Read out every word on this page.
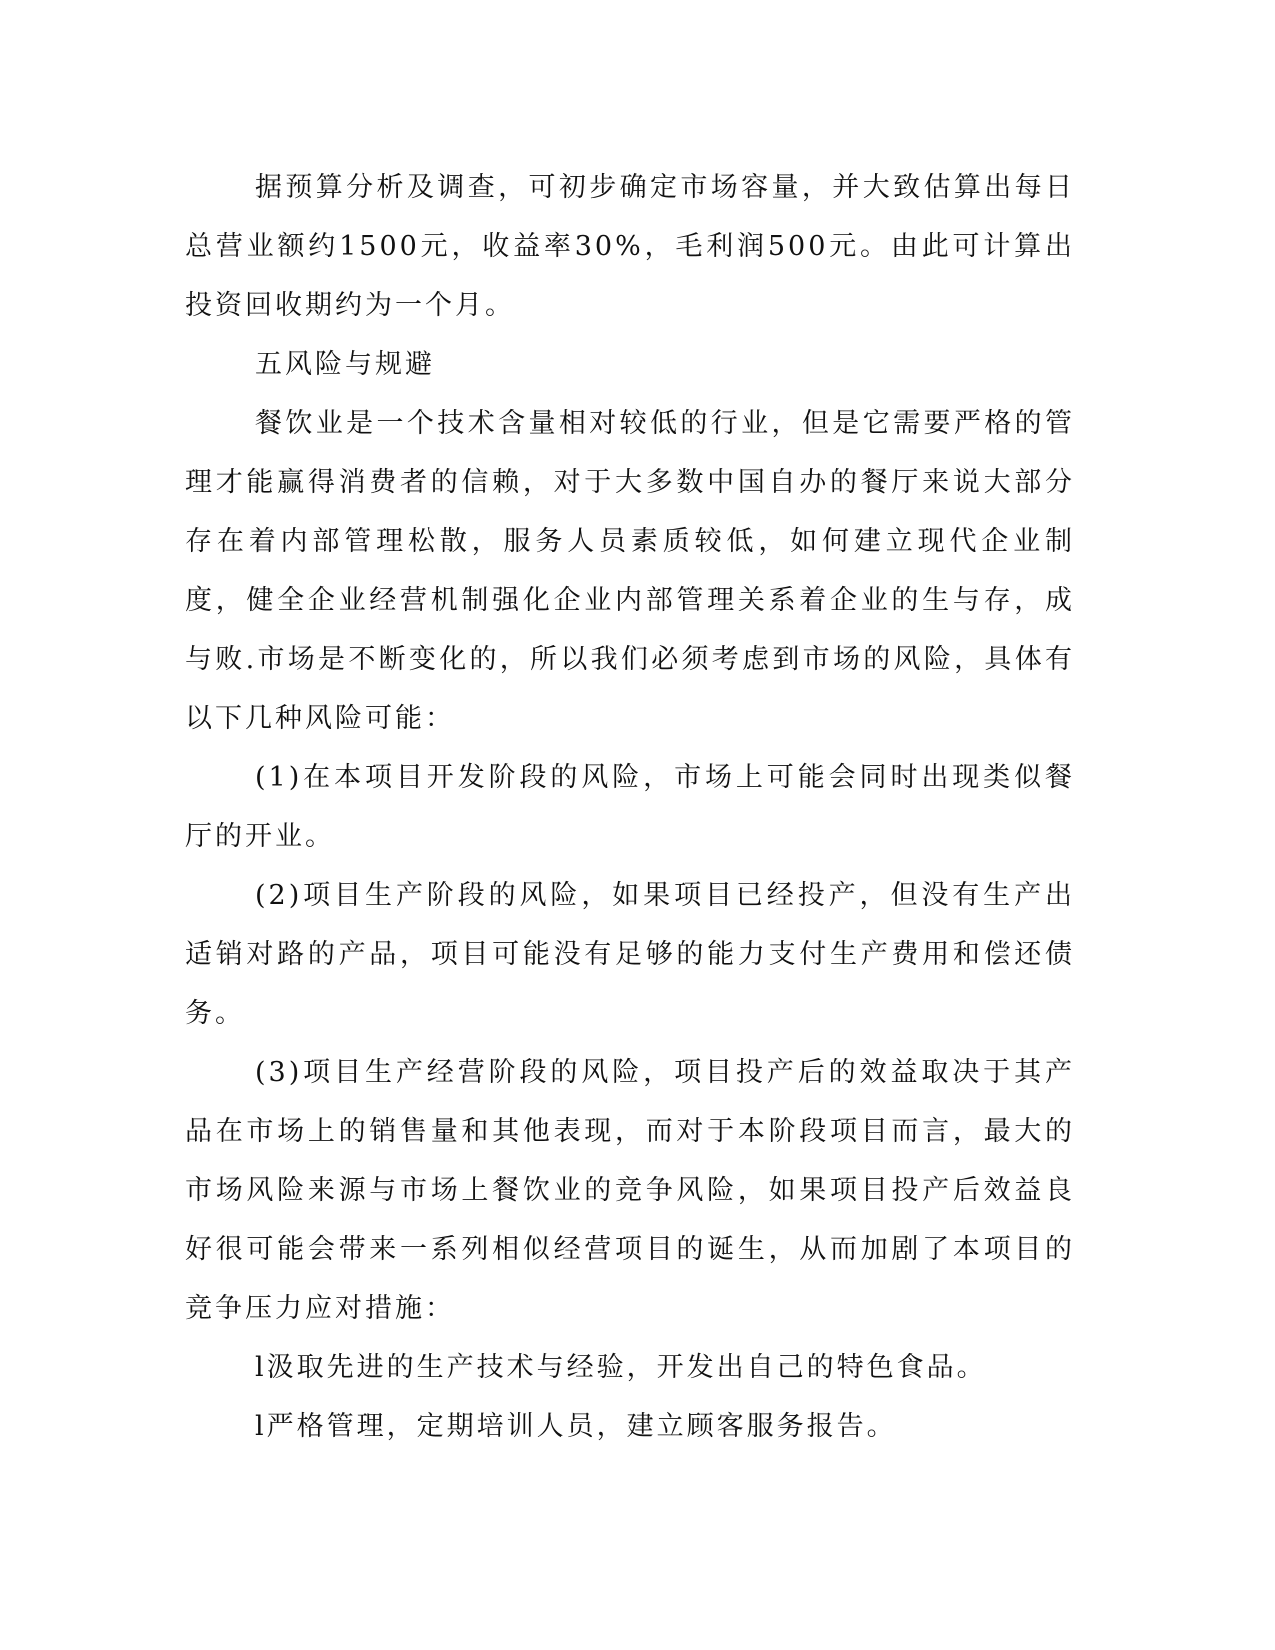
据预算分析及调查，可初步确定市场容量，并大致估算出每日总营业额约1500元，收益率30%，毛利润500元。由此可计算出投资回收期约为一个月。

五风险与规避

餐饮业是一个技术含量相对较低的行业，但是它需要严格的管理才能赢得消费者的信赖，对于大多数中国自办的餐厅来说大部分存在着内部管理松散，服务人员素质较低，如何建立现代企业制度，健全企业经营机制强化企业内部管理关系着企业的生与存，成与败.市场是不断变化的，所以我们必须考虑到市场的风险，具体有以下几种风险可能：

(1)在本项目开发阶段的风险，市场上可能会同时出现类似餐厅的开业。

(2)项目生产阶段的风险，如果项目已经投产，但没有生产出适销对路的产品，项目可能没有足够的能力支付生产费用和偿还债务。

(3)项目生产经营阶段的风险，项目投产后的效益取决于其产品在市场上的销售量和其他表现，而对于本阶段项目而言，最大的市场风险来源与市场上餐饮业的竞争风险，如果项目投产后效益良好很可能会带来一系列相似经营项目的诞生，从而加剧了本项目的竞争压力应对措施：

l汲取先进的生产技术与经验，开发出自己的特色食品。

l严格管理，定期培训人员，建立顾客服务报告。
